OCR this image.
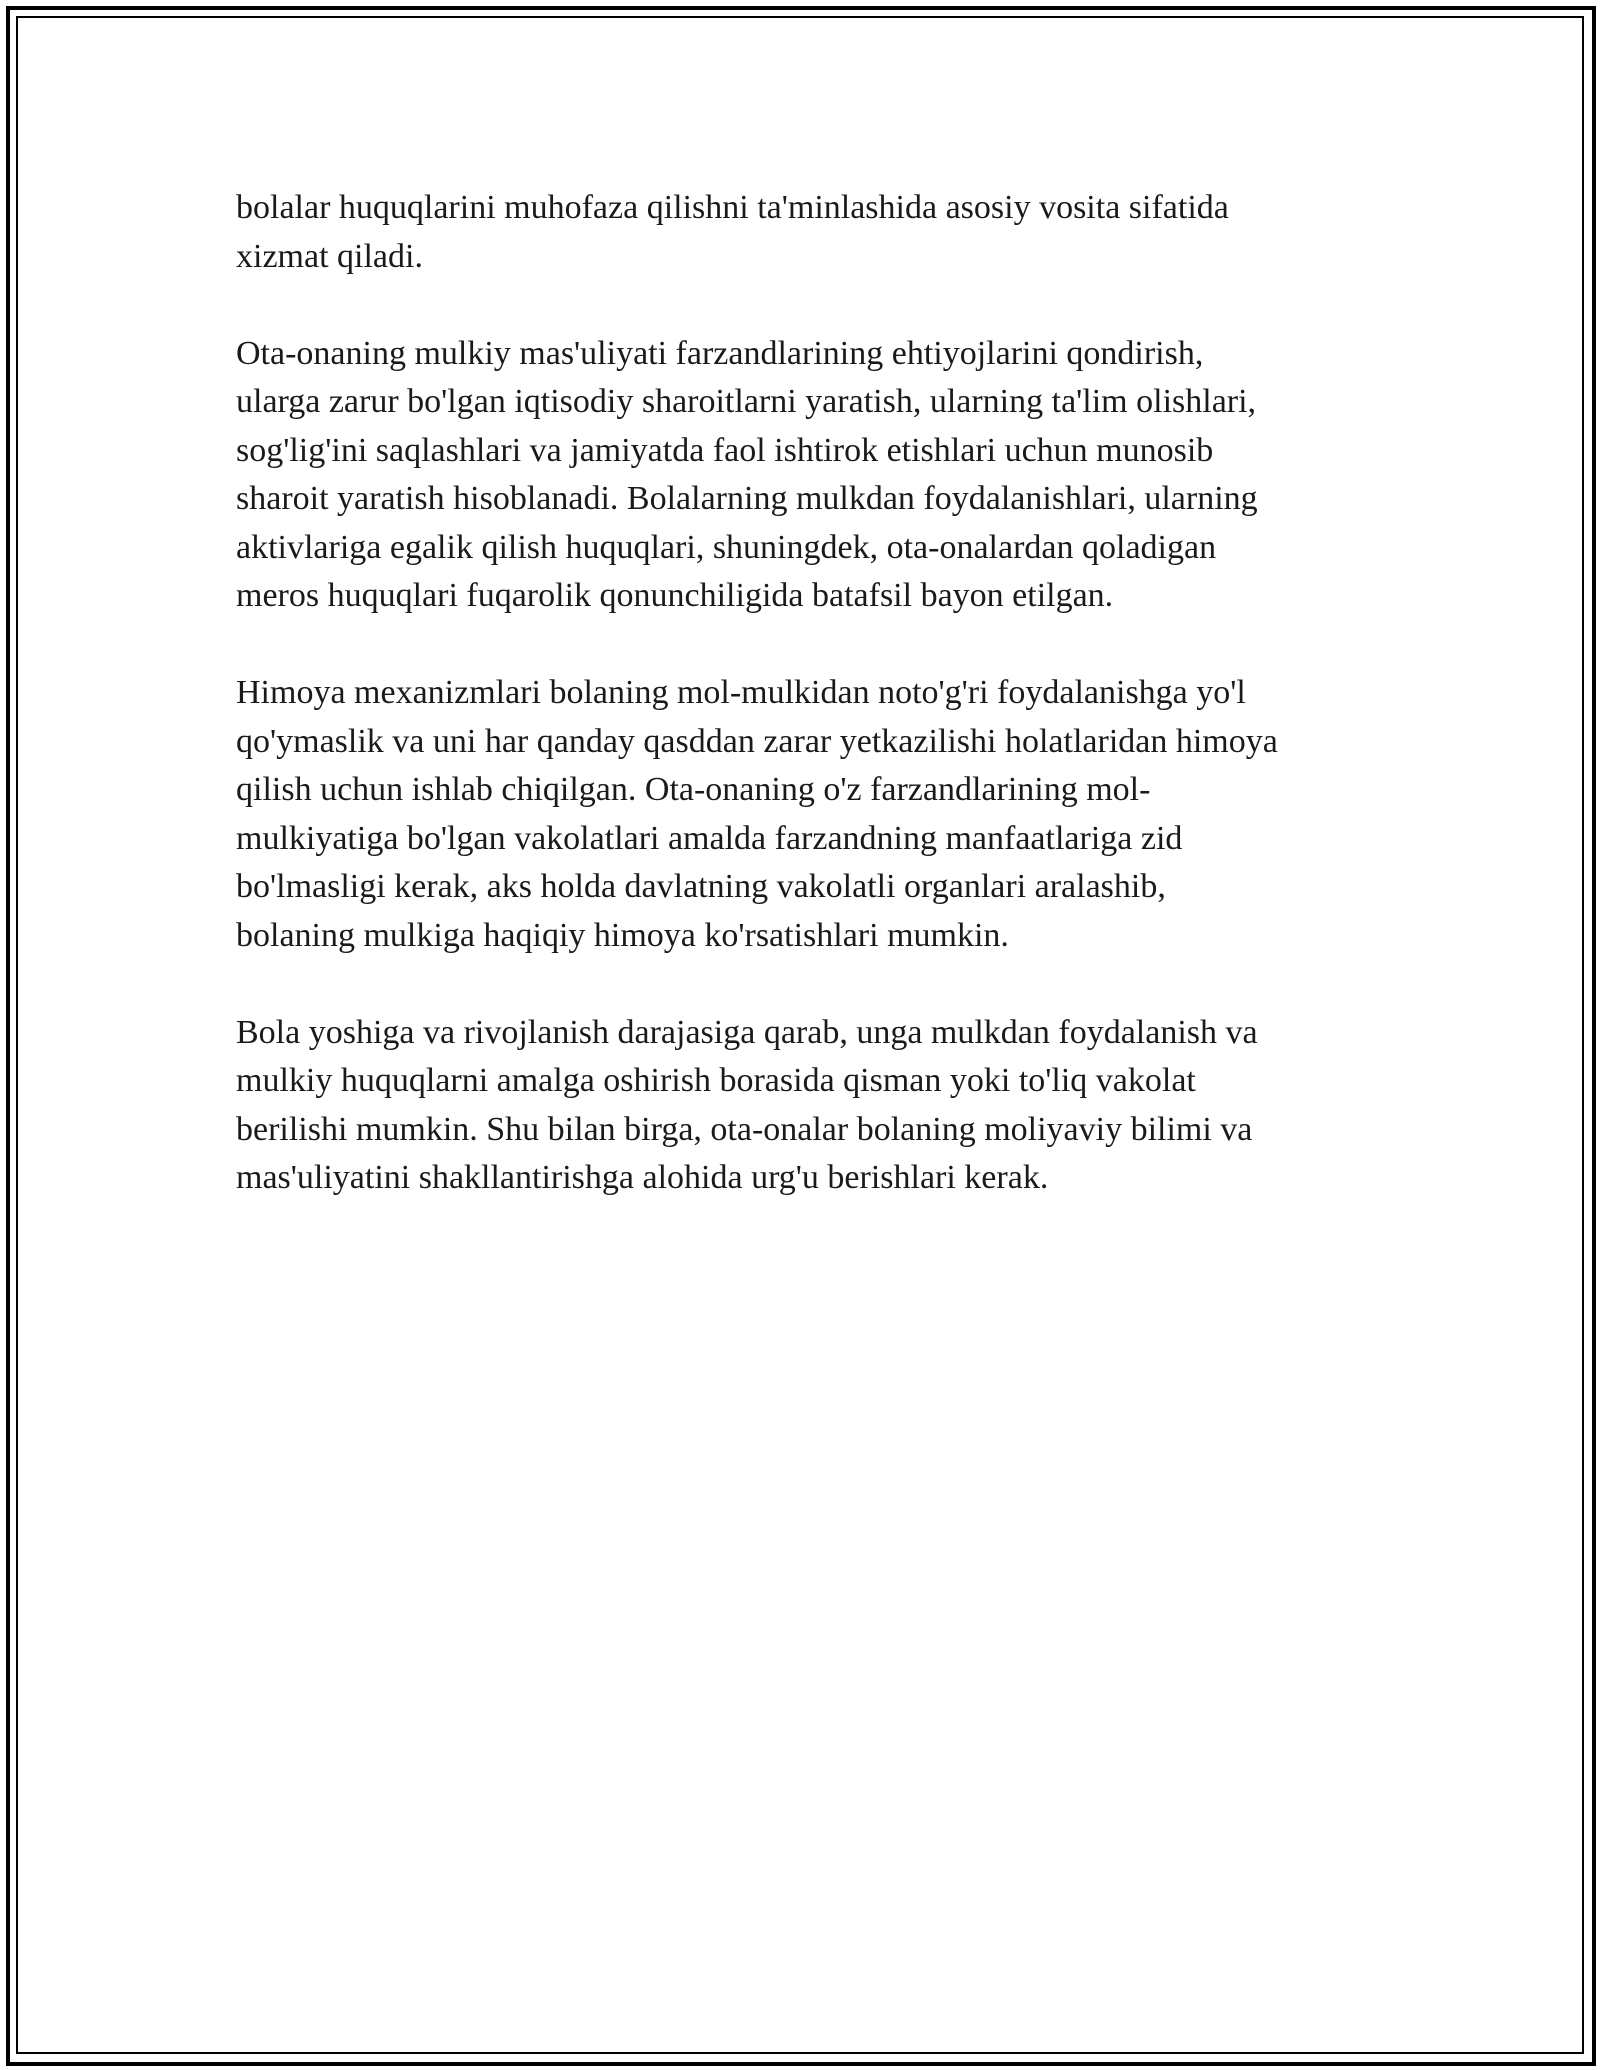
bolalar huquqlarini muhofaza qilishni ta'minlashida asosiy vosita sifatida
xizmat qiladi.

Ota-onaning mulkiy mas'uliyati farzandlarining ehtiyojlarini qondirish,
ularga zarur bo'lgan iqtisodiy sharoitlarni yaratish, ularning ta'lim olishlari,
sog'lig'ini saqlashlari va jamiyatda faol ishtirok etishlari uchun munosib
sharoit yaratish hisoblanadi. Bolalarning mulkdan foydalanishlari, ularning
aktivlariga egalik qilish huquqlari, shuningdek, ota-onalardan qoladigan
meros huquqlari fuqarolik qonunchiligida batafsil bayon etilgan.

Himoya mexanizmlari bolaning mol-mulkidan noto'g'ri foydalanishga yo'l
qo'ymaslik va uni har qanday qasddan zarar yetkazilishi holatlaridan himoya
qilish uchun ishlab chiqilgan. Ota-onaning o'z farzandlarining mol-
mulkiyatiga bo'lgan vakolatlari amalda farzandning manfaatlariga zid
bo'lmasligi kerak, aks holda davlatning vakolatli organlari aralashib,
bolaning mulkiga haqiqiy himoya ko'rsatishlari mumkin.

Bola yoshiga va rivojlanish darajasiga qarab, unga mulkdan foydalanish va
mulkiy huquqlarni amalga oshirish borasida qisman yoki to'liq vakolat
berilishi mumkin. Shu bilan birga, ota-onalar bolaning moliyaviy bilimi va
mas'uliyatini shakllantirishga alohida urg'u berishlari kerak.
